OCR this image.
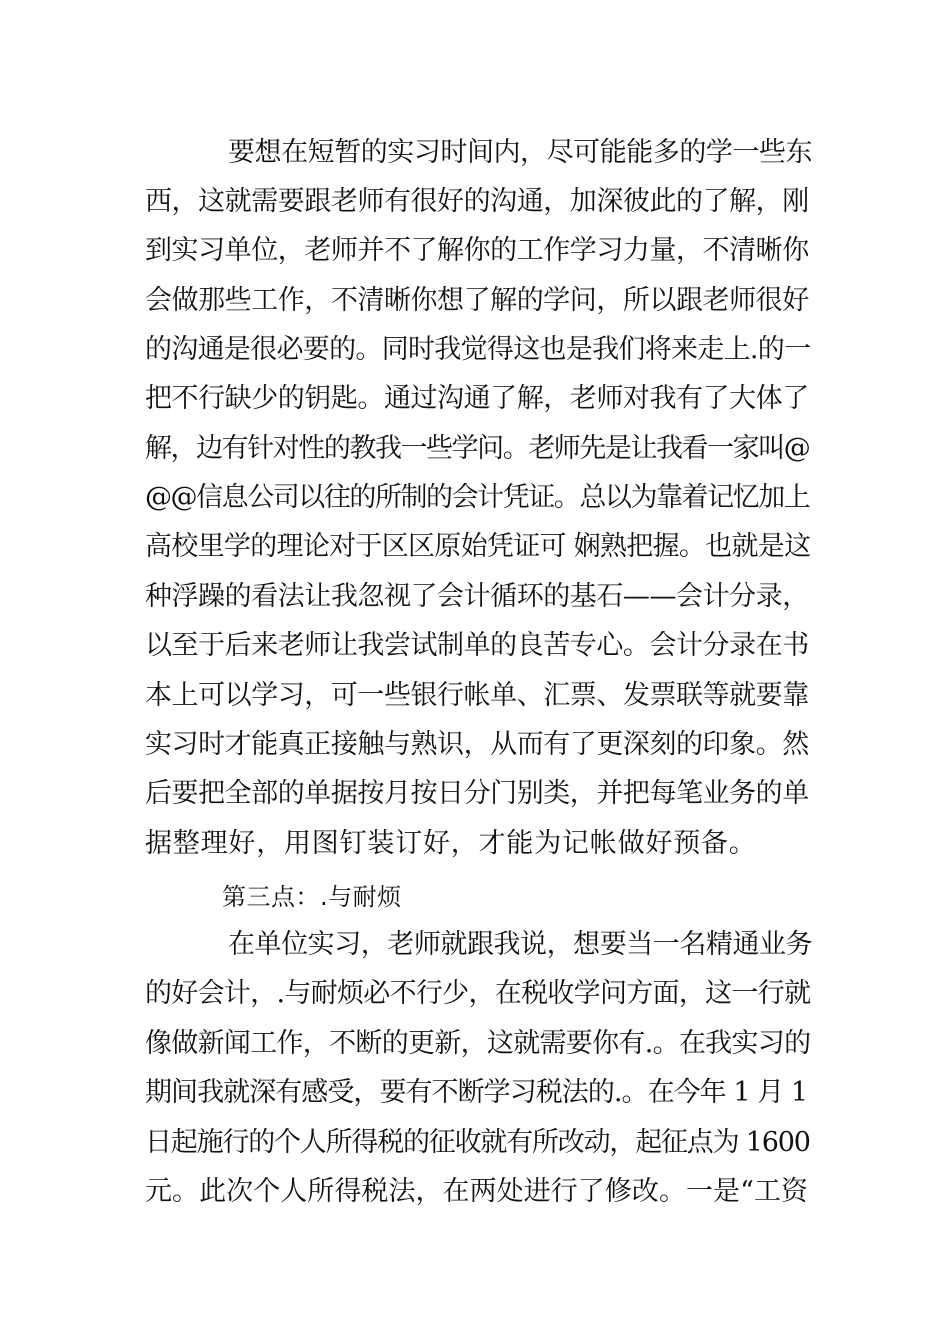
要想在短暂的实习时间内，尽可能能多的学一些东
西，这就需要跟老师有很好的沟通，加深彼此的了解，刚
到实习单位，老师并不了解你的工作学习力量，不清晰你
会做那些工作，不清晰你想了解的学问，所以跟老师很好
的沟通是很必要的。同时我觉得这也是我们将来走上.的一
把不行缺少的钥匙。通过沟通了解，老师对我有了大体了
解，边有针对性的教我一些学问。老师先是让我看一家叫@
@@信息公司以往的所制的会计凭证。总以为靠着记忆加上
高校里学的理论对于区区原始凭证可 娴熟把握。也就是这
种浮躁的看法让我忽视了会计循环的基石——会计分录，
以至于后来老师让我尝试制单的良苦专心。会计分录在书
本上可以学习，可一些银行帐单、汇票、发票联等就要靠
实习时才能真正接触与熟识，从而有了更深刻的印象。然
后要把全部的单据按月按日分门别类，并把每笔业务的单
据整理好，用图钉装订好，才能为记帐做好预备。
第三点：.与耐烦
在单位实习，老师就跟我说，想要当一名精通业务
的好会计，.与耐烦必不行少，在税收学问方面，这一行就
像做新闻工作，不断的更新，这就需要你有.。在我实习的
期间我就深有感受，要有不断学习税法的.。在今年 1 月 1
日起施行的个人所得税的征收就有所改动，起征点为 1600
元。此次个人所得税法，在两处进行了修改。一是“工资
